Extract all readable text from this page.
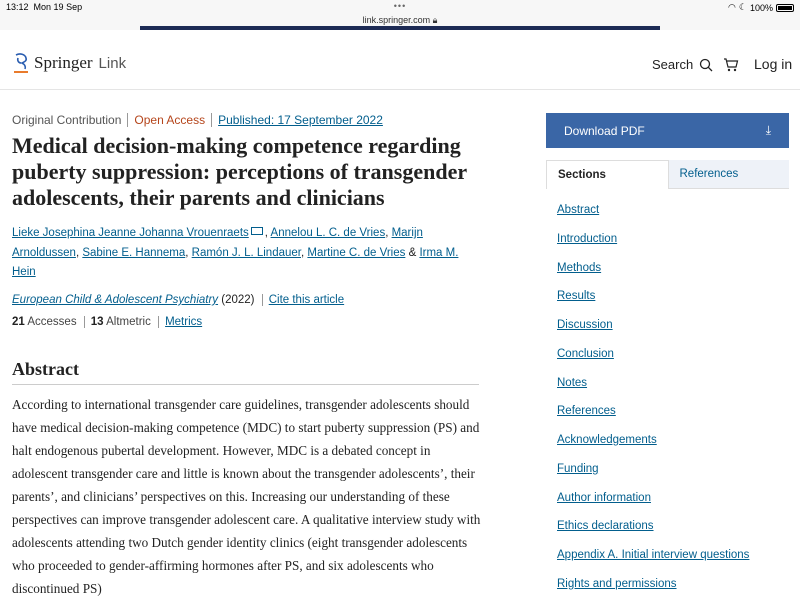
13:12 Mon 19 Sep	•••
link.springer.com 🔒︎
◠ ☾ 100%
Springer Link	Search	Log in
Original Contribution	Open Access	Published: 17 September 2022
Medical decision-making competence regarding puberty suppression: perceptions of transgender adolescents, their parents and clinicians
Lieke Josephina Jeanne Johanna Vrouenraets , Annelou L. C. de Vries, Marijn Arnoldussen, Sabine E. Hannema, Ramón J. L. Lindauer, Martine C. de Vries & Irma M. Hein
European Child & Adolescent Psychiatry (2022) Cite this article
21 Accesses 13 Altmetric Metrics
Abstract

According to international transgender care guidelines, transgender adolescents should have medical decision-making competence (MDC) to start puberty suppression (PS) and halt endogenous pubertal development. However, MDC is a debated concept in adolescent transgender care and little is known about the transgender adolescents’, their parents’, and clinicians’ perspectives on this. Increasing our understanding of these perspectives can improve transgender adolescent care. A qualitative interview study with adolescents attending two Dutch gender identity clinics (eight transgender adolescents who proceeded to gender-affirming hormones after PS, and six adolescents who discontinued PS)

Download PDF	⤓
Sections	References
Abstract
Introduction
Methods
Results
Discussion
Conclusion
Notes
References
Acknowledgements
Funding
Author information
Ethics declarations
Appendix A. Initial interview questions
Rights and permissions
